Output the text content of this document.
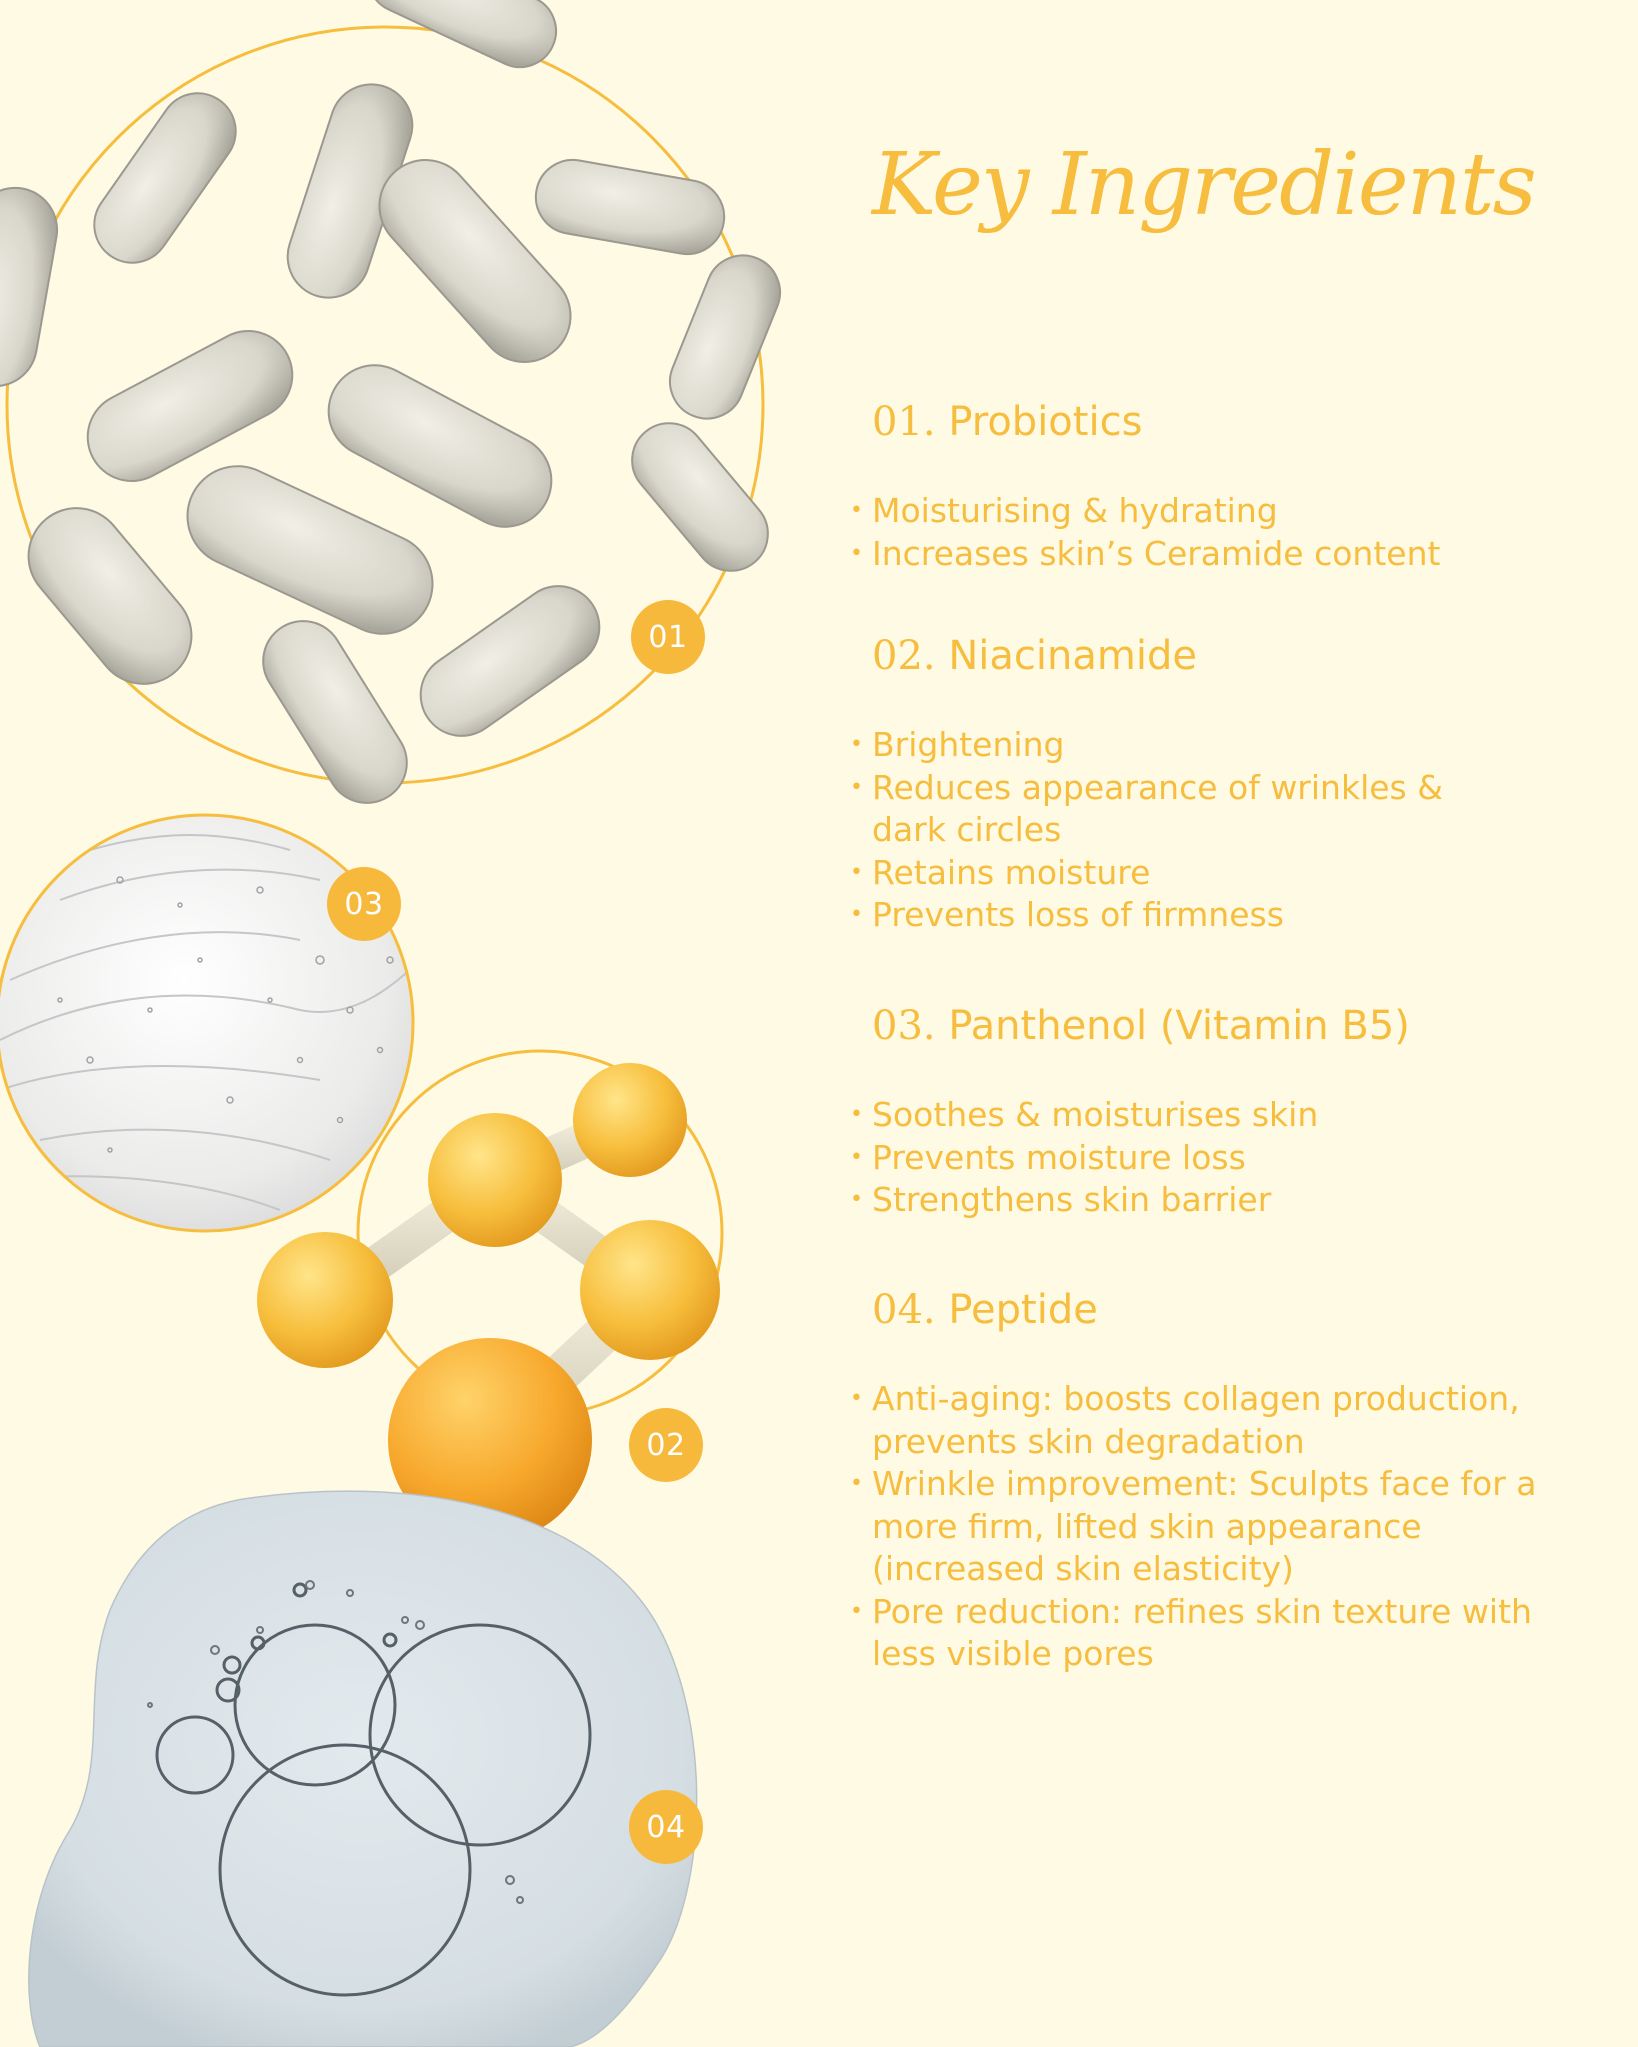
01
03
02
04
Key Ingredients
01. Probiotics
• Moisturising & hydrating
• Increases skin’s Ceramide content
02. Niacinamide
• Brightening
• Reduces appearance of wrinkles & dark circles
• Retains moisture
• Prevents loss of firmness
03. Panthenol (Vitamin B5)
• Soothes & moisturises skin
• Prevents moisture loss
• Strengthens skin barrier
04. Peptide
• Anti-aging: boosts collagen production, prevents skin degradation
• Wrinkle improvement: Sculpts face for a more firm, lifted skin appearance (increased skin elasticity)
• Pore reduction: refines skin texture with less visible pores
